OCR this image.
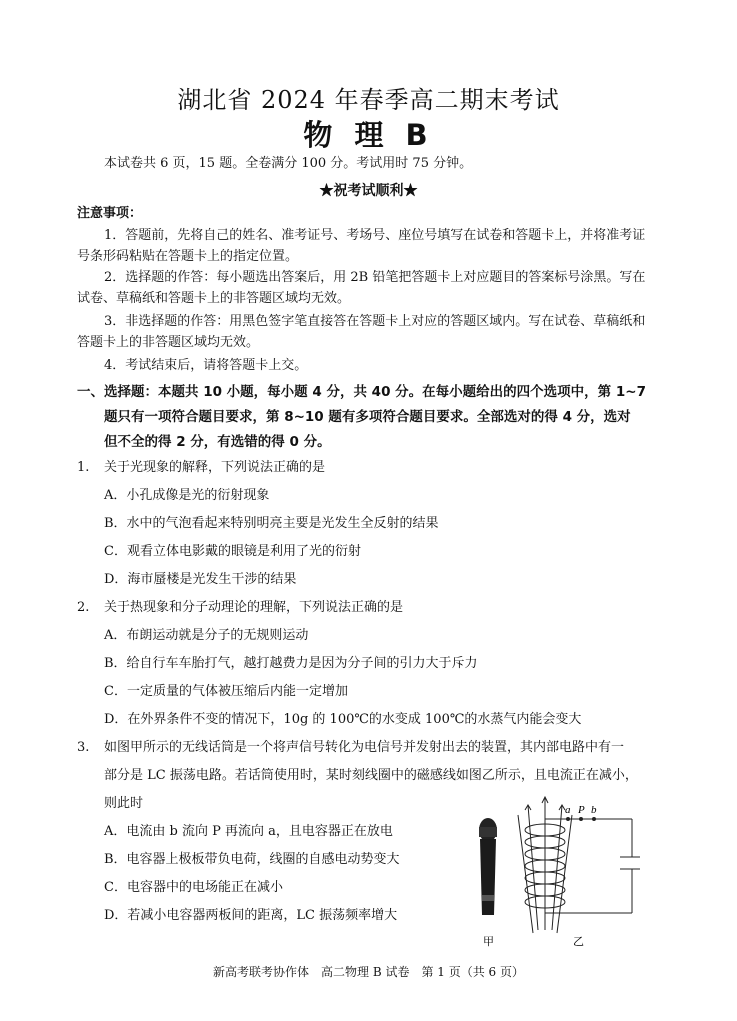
湖北省 2024 年春季高二期末考试
物 理 B
本试卷共 6 页，15 题。全卷满分 100 分。考试用时 75 分钟。
★祝考试顺利★
注意事项：
1．答题前，先将自己的姓名、准考证号、考场号、座位号填写在试卷和答题卡上，并将准考证
号条形码粘贴在答题卡上的指定位置。
2．选择题的作答：每小题选出答案后，用 2B 铅笔把答题卡上对应题目的答案标号涂黑。写在
试卷、草稿纸和答题卡上的非答题区域均无效。
3．非选择题的作答：用黑色签字笔直接答在答题卡上对应的答题区域内。写在试卷、草稿纸和
答题卡上的非答题区域均无效。
4．考试结束后，请将答题卡上交。
一、选择题：本题共 10 小题，每小题 4 分，共 40 分。在每小题给出的四个选项中，第 1~7
题只有一项符合题目要求，第 8~10 题有多项符合题目要求。全部选对的得 4 分，选对
但不全的得 2 分，有选错的得 0 分。
1. 关于光现象的解释，下列说法正确的是
A．小孔成像是光的衍射现象
B．水中的气泡看起来特别明亮主要是光发生全反射的结果
C．观看立体电影戴的眼镜是利用了光的衍射
D．海市蜃楼是光发生干涉的结果
2. 关于热现象和分子动理论的理解，下列说法正确的是
A．布朗运动就是分子的无规则运动
B．给自行车车胎打气，越打越费力是因为分子间的引力大于斥力
C．一定质量的气体被压缩后内能一定增加
D．在外界条件不变的情况下，10g 的 100℃的水变成 100℃的水蒸气内能会变大
3. 如图甲所示的无线话筒是一个将声信号转化为电信号并发射出去的装置，其内部电路中有一
部分是 LC 振荡电路。若话筒使用时，某时刻线圈中的磁感线如图乙所示，且电流正在减小，
则此时
A．电流由 b 流向 P 再流向 a，且电容器正在放电
B．电容器上极板带负电荷，线圈的自感电动势变大
C．电容器中的电场能正在减小
D．若减小电容器两板间的距离，LC 振荡频率增大
a P b
甲	乙
新高考联考协作体　高二物理 B 试卷　第 1 页（共 6 页）
